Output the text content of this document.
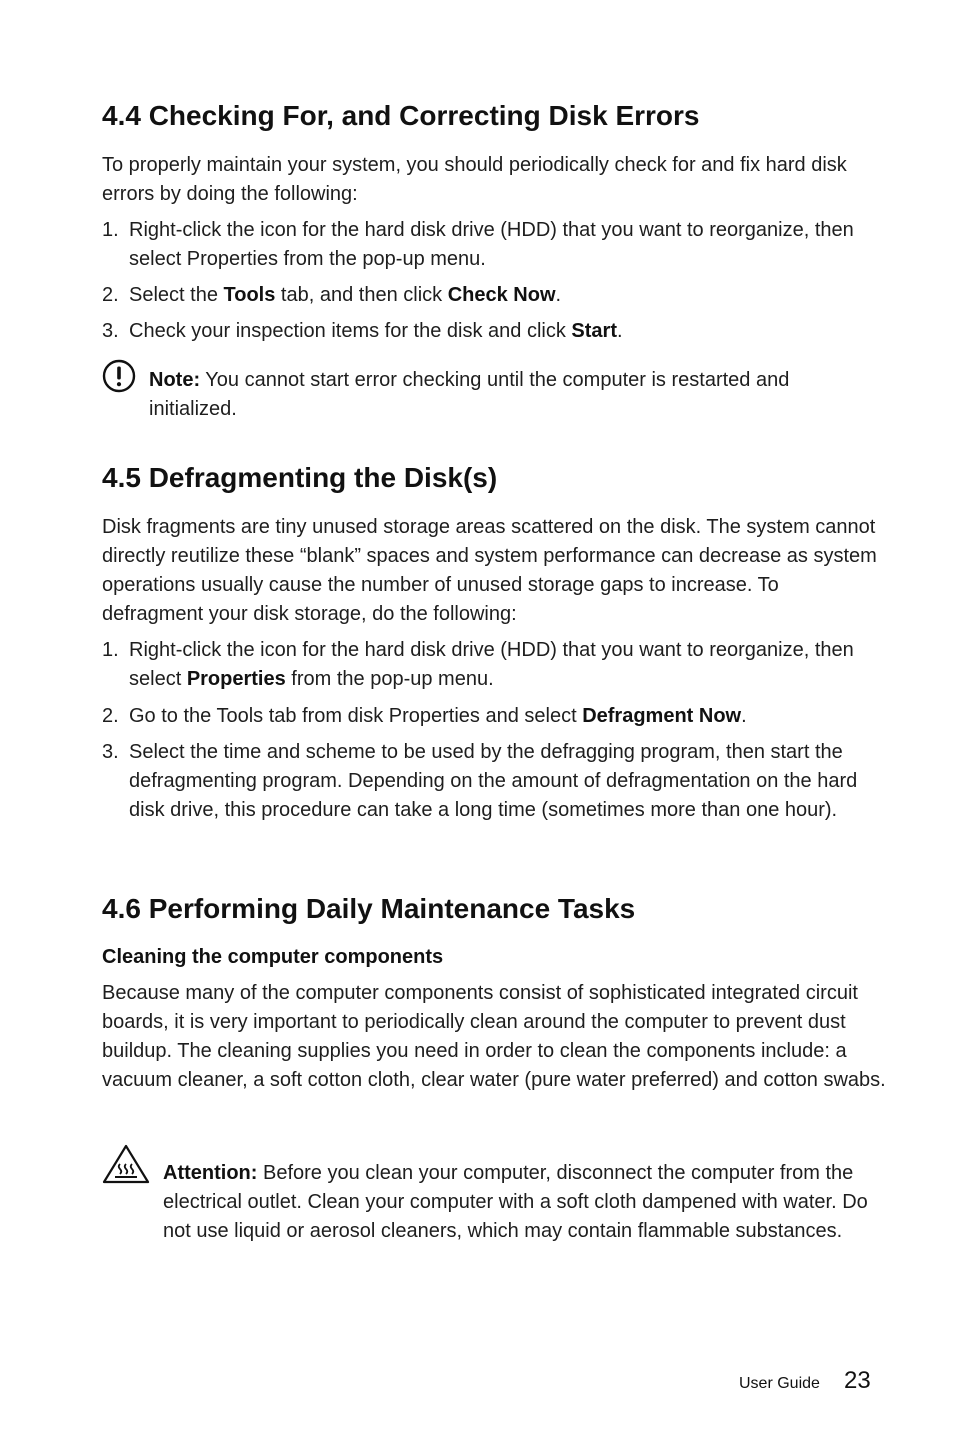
4.4 Checking For, and Correcting Disk Errors

To properly maintain your system, you should periodically check for and fix hard disk errors by doing the following:

1. Right-click the icon for the hard disk drive (HDD) that you want to reorganize, then select Properties from the pop-up menu.
2. Select the Tools tab, and then click Check Now.
3. Check your inspection items for the disk and click Start.

Note: You cannot start error checking until the computer is restarted and initialized.

4.5 Defragmenting the Disk(s)

Disk fragments are tiny unused storage areas scattered on the disk. The system cannot directly reutilize these “blank” spaces and system performance can decrease as system operations usually cause the number of unused storage gaps to increase. To defragment your disk storage, do the following:

1. Right-click the icon for the hard disk drive (HDD) that you want to reorganize, then select Properties from the pop-up menu.
2. Go to the Tools tab from disk Properties and select Defragment Now.
3. Select the time and scheme to be used by the defragging program, then start the defragmenting program. Depending on the amount of defragmentation on the hard disk drive, this procedure can take a long time (sometimes more than one hour).
4.6 Performing Daily Maintenance Tasks

Cleaning the computer components

Because many of the computer components consist of sophisticated integrated circuit boards, it is very important to periodically clean around the computer to prevent dust buildup. The cleaning supplies you need in order to clean the components include: a vacuum cleaner, a soft cotton cloth, clear water (pure water preferred) and cotton swabs.

Attention: Before you clean your computer, disconnect the computer from the electrical outlet. Clean your computer with a soft cloth dampened with water. Do not use liquid or aerosol cleaners, which may contain flammable substances.

User Guide 23
